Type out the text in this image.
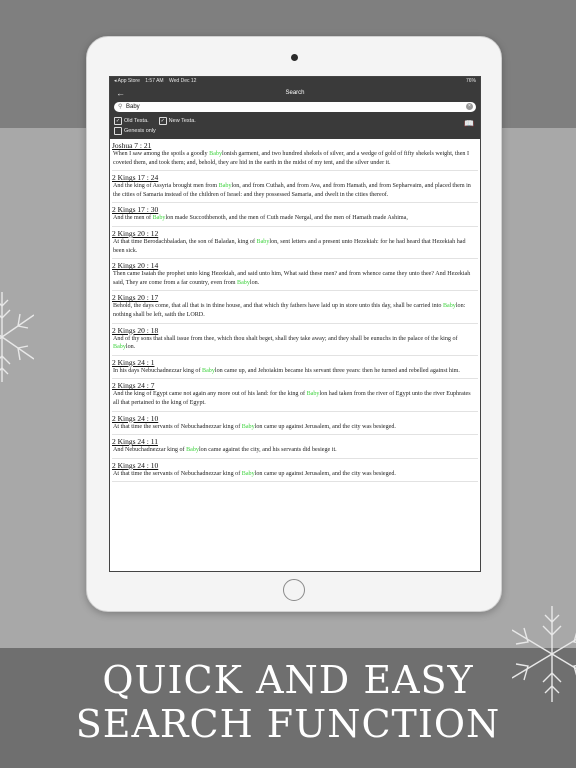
◂ App Store 1:57 AM Wed Dec 12	76%
←	Search
⚲ Baby	×
✓ Old Testa.	✓ New Testa.
Genesis only
📖
Joshua 7 : 21
When I saw among the spoils a goodly Babylonish garment, and two hundred shekels of silver, and a wedge of gold of fifty shekels weight, then I coveted them, and took them; and, behold, they are hid in the earth in the midst of my tent, and the silver under it.
2 Kings 17 : 24
And the king of Assyria brought men from Babylon, and from Cuthah, and from Ava, and from Hamath, and from Sepharvaim, and placed them in the cities of Samaria instead of the children of Israel: and they possessed Samaria, and dwelt in the cities thereof.
2 Kings 17 : 30
And the men of Babylon made Succothbenoth, and the men of Cuth made Nergal, and the men of Hamath made Ashima,
2 Kings 20 : 12
At that time Berodachbaladan, the son of Baladan, king of Babylon, sent letters and a present unto Hezekiah: for he had heard that Hezekiah had been sick.
2 Kings 20 : 14
Then came Isaiah the prophet unto king Hezekiah, and said unto him, What said these men? and from whence came they unto thee? And Hezekiah said, They are come from a far country, even from Babylon.
2 Kings 20 : 17
Behold, the days come, that all that is in thine house, and that which thy fathers have laid up in store unto this day, shall be carried into Babylon: nothing shall be left, saith the LORD.
2 Kings 20 : 18
And of thy sons that shall issue from thee, which thou shalt beget, shall they take away; and they shall be eunuchs in the palace of the king of Babylon.
2 Kings 24 : 1
In his days Nebuchadnezzar king of Babylon came up, and Jehoiakim became his servant three years: then he turned and rebelled against him.
2 Kings 24 : 7
And the king of Egypt came not again any more out of his land: for the king of Babylon had taken from the river of Egypt unto the river Euphrates all that pertained to the king of Egypt.
2 Kings 24 : 10
At that time the servants of Nebuchadnezzar king of Babylon came up against Jerusalem, and the city was besieged.
2 Kings 24 : 11
And Nebuchadnezzar king of Babylon came against the city, and his servants did besiege it.
2 Kings 24 : 10
At that time the servants of Nebuchadnezzar king of Babylon came up against Jerusalem, and the city was besieged.
QUICK AND EASY
SEARCH FUNCTION
